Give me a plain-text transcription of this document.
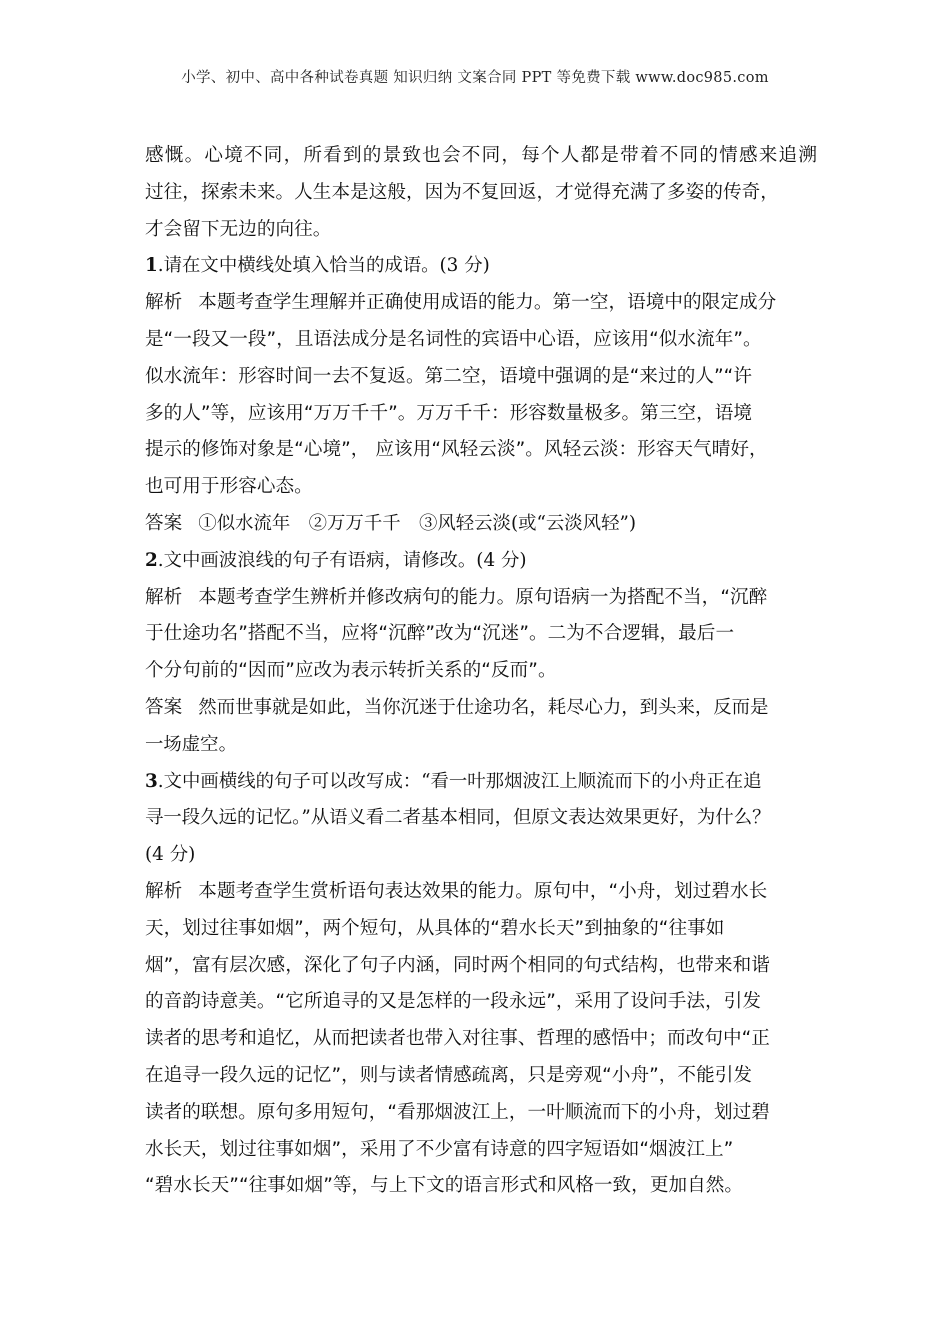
小学、初中、高中各种试卷真题 知识归纳 文案合同 PPT 等免费下载 www.doc985.com
感慨。心境不同，所看到的景致也会不同，每个人都是带着不同的情感来追溯
过往，探索未来。人生本是这般，因为不复回返，才觉得充满了多姿的传奇，
才会留下无边的向往。
1.请在文中横线处填入恰当的成语。(3 分)
解析 本题考查学生理解并正确使用成语的能力。第一空，语境中的限定成分
是“一段又一段”，且语法成分是名词性的宾语中心语，应该用“似水流年”。
似水流年：形容时间一去不复返。第二空，语境中强调的是“来过的人”“许
多的人”等，应该用“万万千千”。万万千千：形容数量极多。第三空，语境
提示的修饰对象是“心境”， 应该用“风轻云淡”。风轻云淡：形容天气晴好，
也可用于形容心态。
答案 ①似水流年　②万万千千　③风轻云淡(或“云淡风轻”)
2.文中画波浪线的句子有语病，请修改。(4 分)
解析 本题考查学生辨析并修改病句的能力。原句语病一为搭配不当，“沉醉
于仕途功名”搭配不当，应将“沉醉”改为“沉迷”。二为不合逻辑，最后一
个分句前的“因而”应改为表示转折关系的“反而”。
答案 然而世事就是如此，当你沉迷于仕途功名，耗尽心力，到头来，反而是
一场虚空。
3.文中画横线的句子可以改写成：“看一叶那烟波江上顺流而下的小舟正在追
寻一段久远的记忆。”从语义看二者基本相同，但原文表达效果更好，为什么？
(4 分)
解析 本题考查学生赏析语句表达效果的能力。原句中，“小舟，划过碧水长
天，划过往事如烟”，两个短句，从具体的“碧水长天”到抽象的“往事如
烟”，富有层次感，深化了句子内涵，同时两个相同的句式结构，也带来和谐
的音韵诗意美。“它所追寻的又是怎样的一段永远”，采用了设问手法，引发
读者的思考和追忆，从而把读者也带入对往事、哲理的感悟中；而改句中“正
在追寻一段久远的记忆”，则与读者情感疏离，只是旁观“小舟”，不能引发
读者的联想。原句多用短句，“看那烟波江上，一叶顺流而下的小舟，划过碧
水长天，划过往事如烟”，采用了不少富有诗意的四字短语如“烟波江上”
“碧水长天”“往事如烟”等，与上下文的语言形式和风格一致，更加自然。
